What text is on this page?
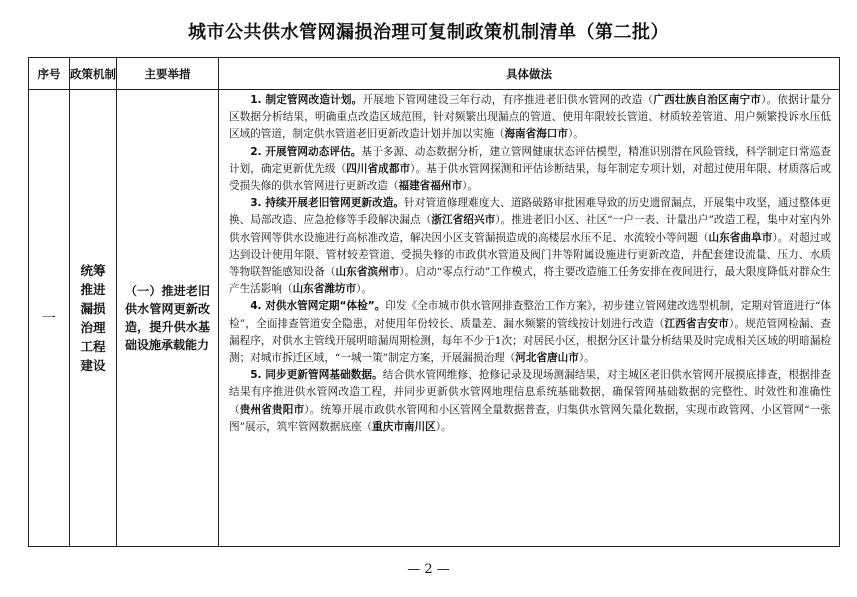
城市公共供水管网漏损治理可复制政策机制清单（第二批）
序号	政策机制	主要举措	具体做法
一	统筹推进漏损治理工程建设	（一）推进老旧供水管网更新改造，提升供水基础设施承载能力	1. 制定管网改造计划。开展地下管网建设三年行动，有序推进老旧供水管网的改造（广西壮族自治区南宁市）。依据计量分区数据分析结果，明确重点改造区域范围，针对频繁出现漏点的管道、使用年限较长管道、材质较差管道、用户频繁投诉水压低区域的管道，制定供水管道老旧更新改造计划并加以实施（海南省海口市）。

2. 开展管网动态评估。基于多源、动态数据分析，建立管网健康状态评估模型，精准识别潜在风险管线，科学制定日常巡查计划，确定更新优先级（四川省成都市）。基于供水管网探测和评估诊断结果，每年制定专项计划，对超过使用年限、材质落后或受损失修的供水管网进行更新改造（福建省福州市）。

3. 持续开展老旧管网更新改造。针对管道修理难度大、道路破路审批困难导致的历史遗留漏点，开展集中攻坚，通过整体更换、局部改造、应急抢修等手段解决漏点（浙江省绍兴市）。推进老旧小区、社区“一户一表、计量出户”改造工程，集中对室内外供水管网等供水设施进行高标准改造，解决因小区支管漏损造成的高楼层水压不足、水流较小等问题（山东省曲阜市）。对超过或达到设计使用年限、管材较差管道、受损失修的市政供水管道及阀门井等附属设施进行更新改造，并配套建设流量、压力、水质等物联智能感知设备（山东省滨州市）。启动“零点行动”工作模式，将主要改造施工任务安排在夜间进行，最大限度降低对群众生产生活影响（山东省潍坊市）。

4. 对供水管网定期“体检”。印发《全市城市供水管网排查整治工作方案》，初步建立管网建改选型机制，定期对管道进行“体检”，全面排查管道安全隐患，对使用年份较长、质量差、漏水频繁的管线按计划进行改造（江西省吉安市）。规范管网检漏、查漏程序，对供水主管线开展明暗漏周期检测，每年不少于1次；对居民小区，根据分区计量分析结果及时完成相关区域的明暗漏检测；对城市拆迁区域，“一城一策”制定方案，开展漏损治理（河北省唐山市）。

5. 同步更新管网基础数据。结合供水管网维修、抢修记录及现场测漏结果，对主城区老旧供水管网开展摸底排查，根据排查结果有序推进供水管网改造工程，并同步更新供水管网地理信息系统基础数据，确保管网基础数据的完整性、时效性和准确性（贵州省贵阳市）。统筹开展市政供水管网和小区管网全量数据普查，归集供水管网矢量化数据，实现市政管网、小区管网“一张图”展示，筑牢管网数据底座（重庆市南川区）。

— 2 —
